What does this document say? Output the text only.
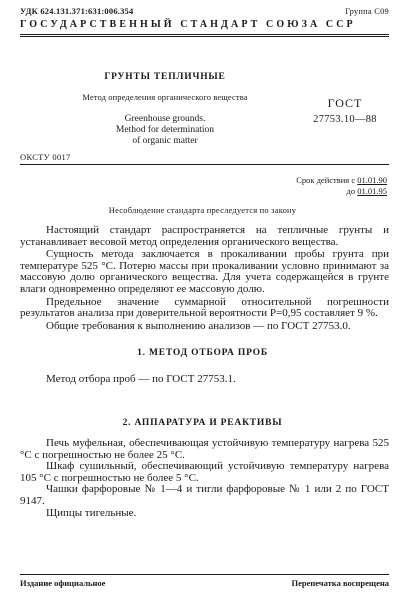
УДК 624.131.371:631:006.354	Группа С09
ГОСУДАРСТВЕННЫЙ СТАНДАРТ СОЮЗА ССР
ГРУНТЫ ТЕПЛИЧНЫЕ
Метод определения органического вещества
Greenhouse grounds.
Method for determination
of organic matter
ГОСТ
27753.10—88
ОКСТУ 0017
Срок действия с 01.01.90
до 01.01.95
Несоблюдение стандарта преследуется по закону

Настоящий стандарт распространяется на тепличные грунты и устанавливает весовой метод определения органического вещества.

Сущность метода заключается в прокаливании пробы грунта при температуре 525 °С. Потерю массы при прокаливании условно принимают за массовую долю органического вещества. Для учета содержащейся в грунте влаги одновременно определяют ее массовую долю.

Предельное значение суммарной относительной погрешности результатов анализа при доверительной вероятности Р=0,95 составляет 9 %.

Общие требования к выполнению анализов — по ГОСТ 27753.0.

1. МЕТОД ОТБОРА ПРОБ
Метод отбора проб — по ГОСТ 27753.1.
2. АППАРАТУРА И РЕАКТИВЫ

Печь муфельная, обеспечивающая устойчивую температуру нагрева 525 °С с погрешностью не более 25 °С.

Шкаф сушильный, обеспечивающий устойчивую температуру нагрева 105 °С с погрешностью не более 5 °С.

Чашки фарфоровые № 1—4 и тигли фарфоровые № 1 или 2 по ГОСТ 9147.

Щипцы тигельные.

Издание официальное	Перепечатка воспрещена
